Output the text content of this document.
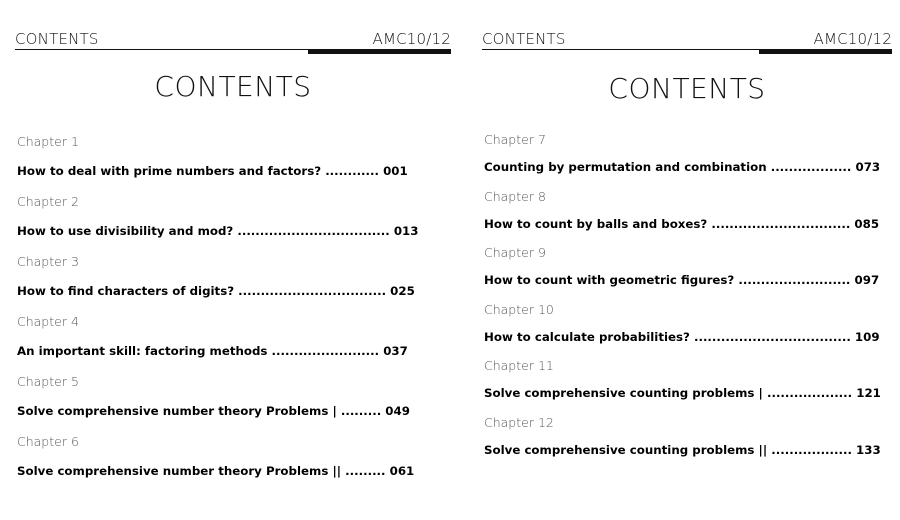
CONTENTS	AMC10/12
CONTENTS
Chapter 1
How to deal with prime numbers and factors? ............ 001
Chapter 2
How to use divisibility and mod? .................................. 013
Chapter 3
How to find characters of digits? ................................. 025
Chapter 4
An important skill: factoring methods ........................ 037
Chapter 5
Solve comprehensive number theory Problems | ......... 049
Chapter 6
Solve comprehensive number theory Problems || ......... 061
CONTENTS	AMC10/12
CONTENTS
Chapter 7
Counting by permutation and combination .................. 073
Chapter 8
How to count by balls and boxes? ............................... 085
Chapter 9
How to count with geometric figures? ......................... 097
Chapter 10
How to calculate probabilities? ................................... 109
Chapter 11
Solve comprehensive counting problems | ................... 121
Chapter 12
Solve comprehensive counting problems || .................. 133
